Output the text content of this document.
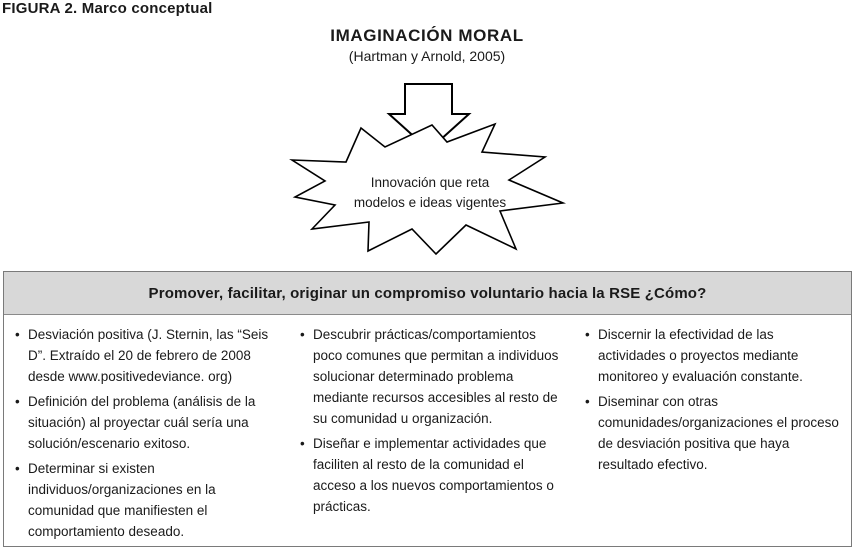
FIGURA 2. Marco conceptual
IMAGINACIÓN MORAL
(Hartman y Arnold, 2005)
Innovación que reta
modelos e ideas vigentes
Promover, facilitar, originar un compromiso voluntario hacia la RSE ¿Cómo?
• Desviación positiva (J. Sternin, las “Seis D”. Extraído el 20 de febrero de 2008 desde www.positivedeviance. org)
• Definición del problema (análisis de la situación) al proyectar cuál sería una solución/escenario exitoso.
• Determinar si existen individuos/organizaciones en la comunidad que manifiesten el comportamiento deseado.
• Descubrir prácticas/comportamientos poco comunes que permitan a individuos solucionar determinado problema mediante recursos accesibles al resto de su comunidad u organización.
• Diseñar e implementar actividades que faciliten al resto de la comunidad el acceso a los nuevos comportamientos o prácticas.
• Discernir la efectividad de las actividades o proyectos mediante monitoreo y evaluación constante.
• Diseminar con otras comunidades/organizaciones el proceso de desviación positiva que haya resultado efectivo.
